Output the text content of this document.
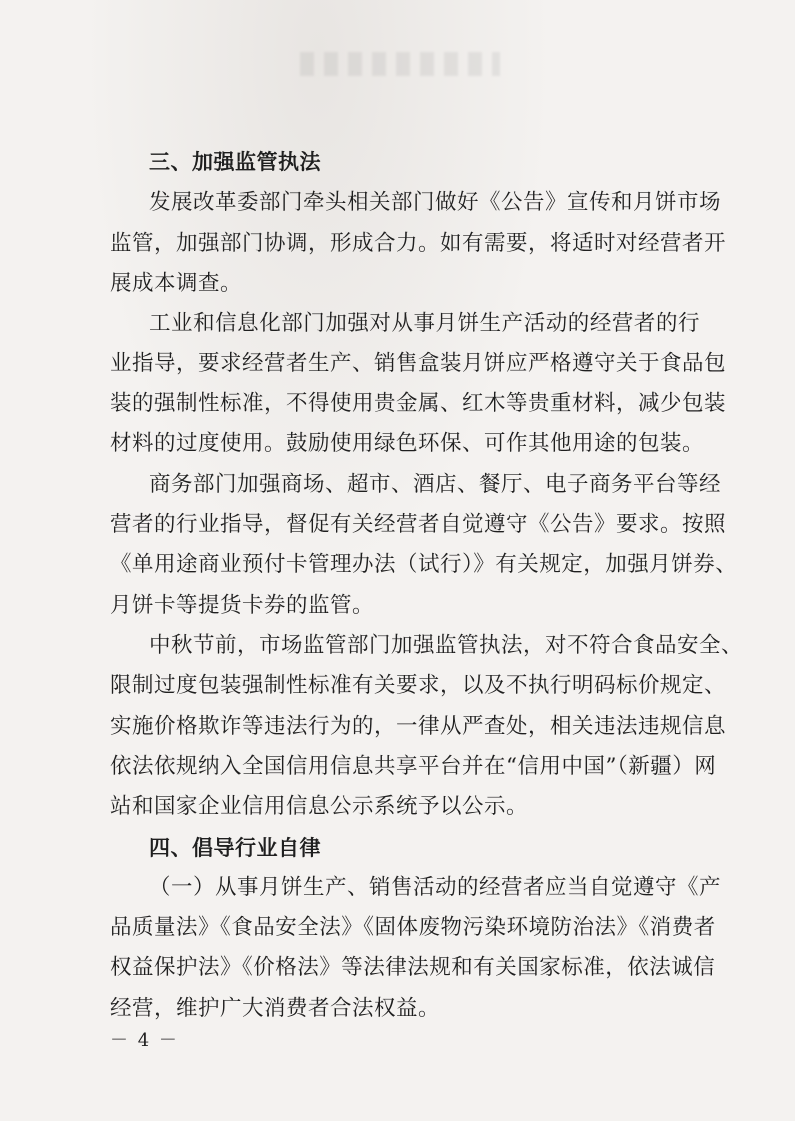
三、加强监管执法

发展改革委部门牵头相关部门做好《公告》宣传和月饼市场

监管，加强部门协调，形成合力。如有需要，将适时对经营者开

展成本调查。

工业和信息化部门加强对从事月饼生产活动的经营者的行

业指导，要求经营者生产、销售盒装月饼应严格遵守关于食品包

装的强制性标准，不得使用贵金属、红木等贵重材料，减少包装

材料的过度使用。鼓励使用绿色环保、可作其他用途的包装。

商务部门加强商场、超市、酒店、餐厅、电子商务平台等经

营者的行业指导，督促有关经营者自觉遵守《公告》要求。按照

《单用途商业预付卡管理办法（试行）》有关规定，加强月饼券、

月饼卡等提货卡券的监管。

中秋节前，市场监管部门加强监管执法，对不符合食品安全、

限制过度包装强制性标准有关要求，以及不执行明码标价规定、

实施价格欺诈等违法行为的，一律从严查处，相关违法违规信息

依法依规纳入全国信用信息共享平台并在“信用中国”（新疆）网

站和国家企业信用信息公示系统予以公示。

四、倡导行业自律

（一）从事月饼生产、销售活动的经营者应当自觉遵守《产

品质量法》《食品安全法》《固体废物污染环境防治法》《消费者

权益保护法》《价格法》等法律法规和有关国家标准，依法诚信

经营，维护广大消费者合法权益。

－ 4 －
